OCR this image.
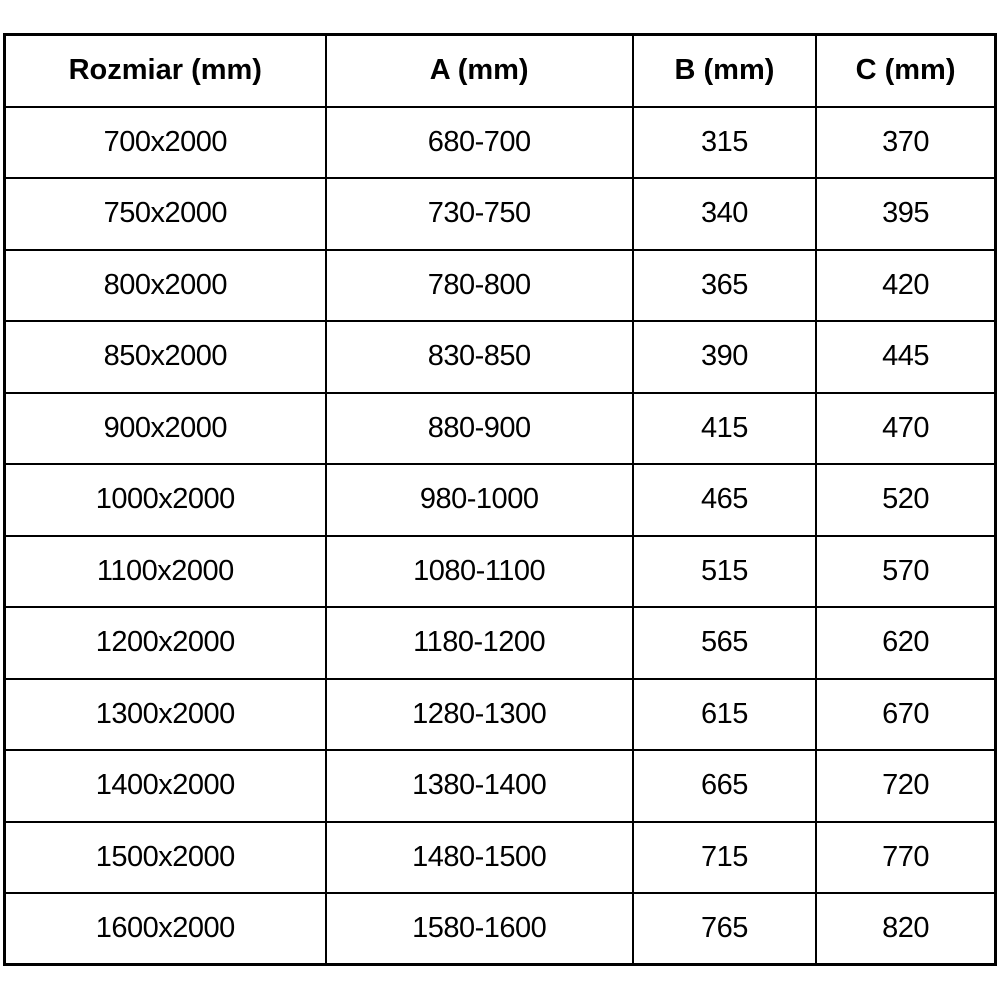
Rozmiar (mm)	A (mm)	B (mm)	C (mm)
700x2000	680-700	315	370
750x2000	730-750	340	395
800x2000	780-800	365	420
850x2000	830-850	390	445
900x2000	880-900	415	470
1000x2000	980-1000	465	520
1100x2000	1080-1100	515	570
1200x2000	1180-1200	565	620
1300x2000	1280-1300	615	670
1400x2000	1380-1400	665	720
1500x2000	1480-1500	715	770
1600x2000	1580-1600	765	820
